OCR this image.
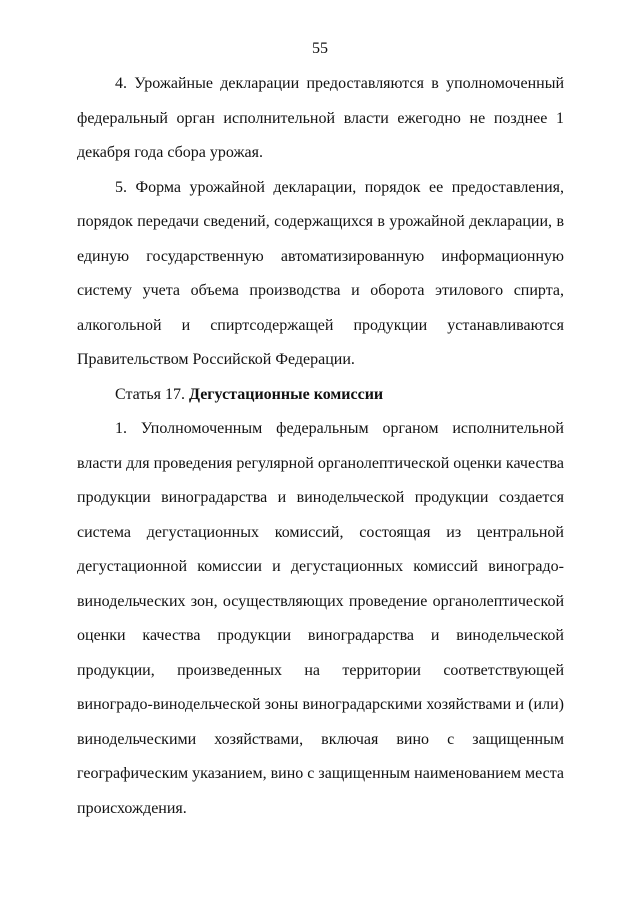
55

4. Урожайные декларации предоставляются в уполномоченный федеральный орган исполнительной власти ежегодно не позднее 1 декабря года сбора урожая.

5. Форма урожайной декларации, порядок ее предоставления, порядок передачи сведений, содержащихся в урожайной декларации, в единую государственную автоматизированную информационную систему учета объема производства и оборота этилового спирта, алкогольной и спиртсодержащей продукции устанавливаются Правительством Российской Федерации.

Статья 17. Дегустационные комиссии

1. Уполномоченным федеральным органом исполнительной власти для проведения регулярной органолептической оценки качества продукции виноградарства и винодельческой продукции создается система дегустационных комиссий, состоящая из центральной дегустационной комиссии и дегустационных комиссий виноградо-винодельческих зон, осуществляющих проведение органолептической оценки качества продукции виноградарства и винодельческой продукции, произведенных на территории соответствующей виноградо-винодельческой зоны виноградарскими хозяйствами и (или) винодельческими хозяйствами, включая вино с защищенным географическим указанием, вино с защищенным наименованием места происхождения.
